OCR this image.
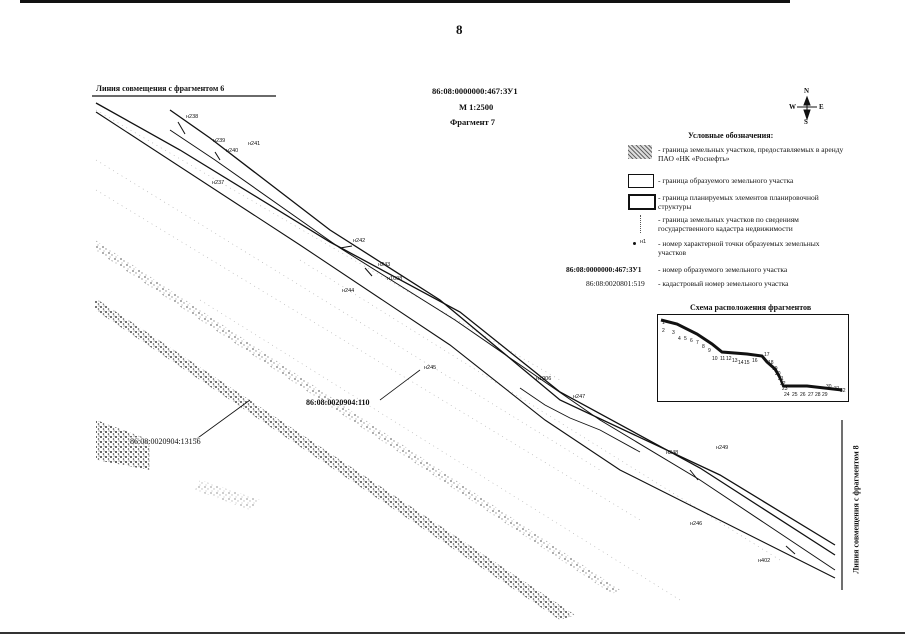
8
86:08:0000000:467:ЗУ1
М 1:2500
Фрагмент 7
Линия совмещения с фрагментом 6
Линия совмещения с фрагментом 8
N
S
W	E
Условные обозначения:
- граница земельных участков, предоставляемых в аренду ПАО «НК «Роснефть»
- граница образуемого земельного участка
- граница планируемых элементов планировочной структуры
- граница земельных участков по сведениям государственного кадастра недвижимости
н1 - номер характерной точки образуемых земельных участков
86:08:0000000:467:ЗУ1 - номер образуемого земельного участка
86:08:0020801:519 - кадастровый номер земельного участка
Схема расположения фрагментов
1
2 3
4 5 6 7
8
9
10 11 12 13 14 15 16
17
18
19
20
21
22
23
24 25 26 27 28 29
30 31 32
86:08:0020904:110
86:08:0020904:13156
н238
н239
н240
н241
н237
н242
н243
н1008
н244
н245
н1006
н247
н248
н249
н246
н402
